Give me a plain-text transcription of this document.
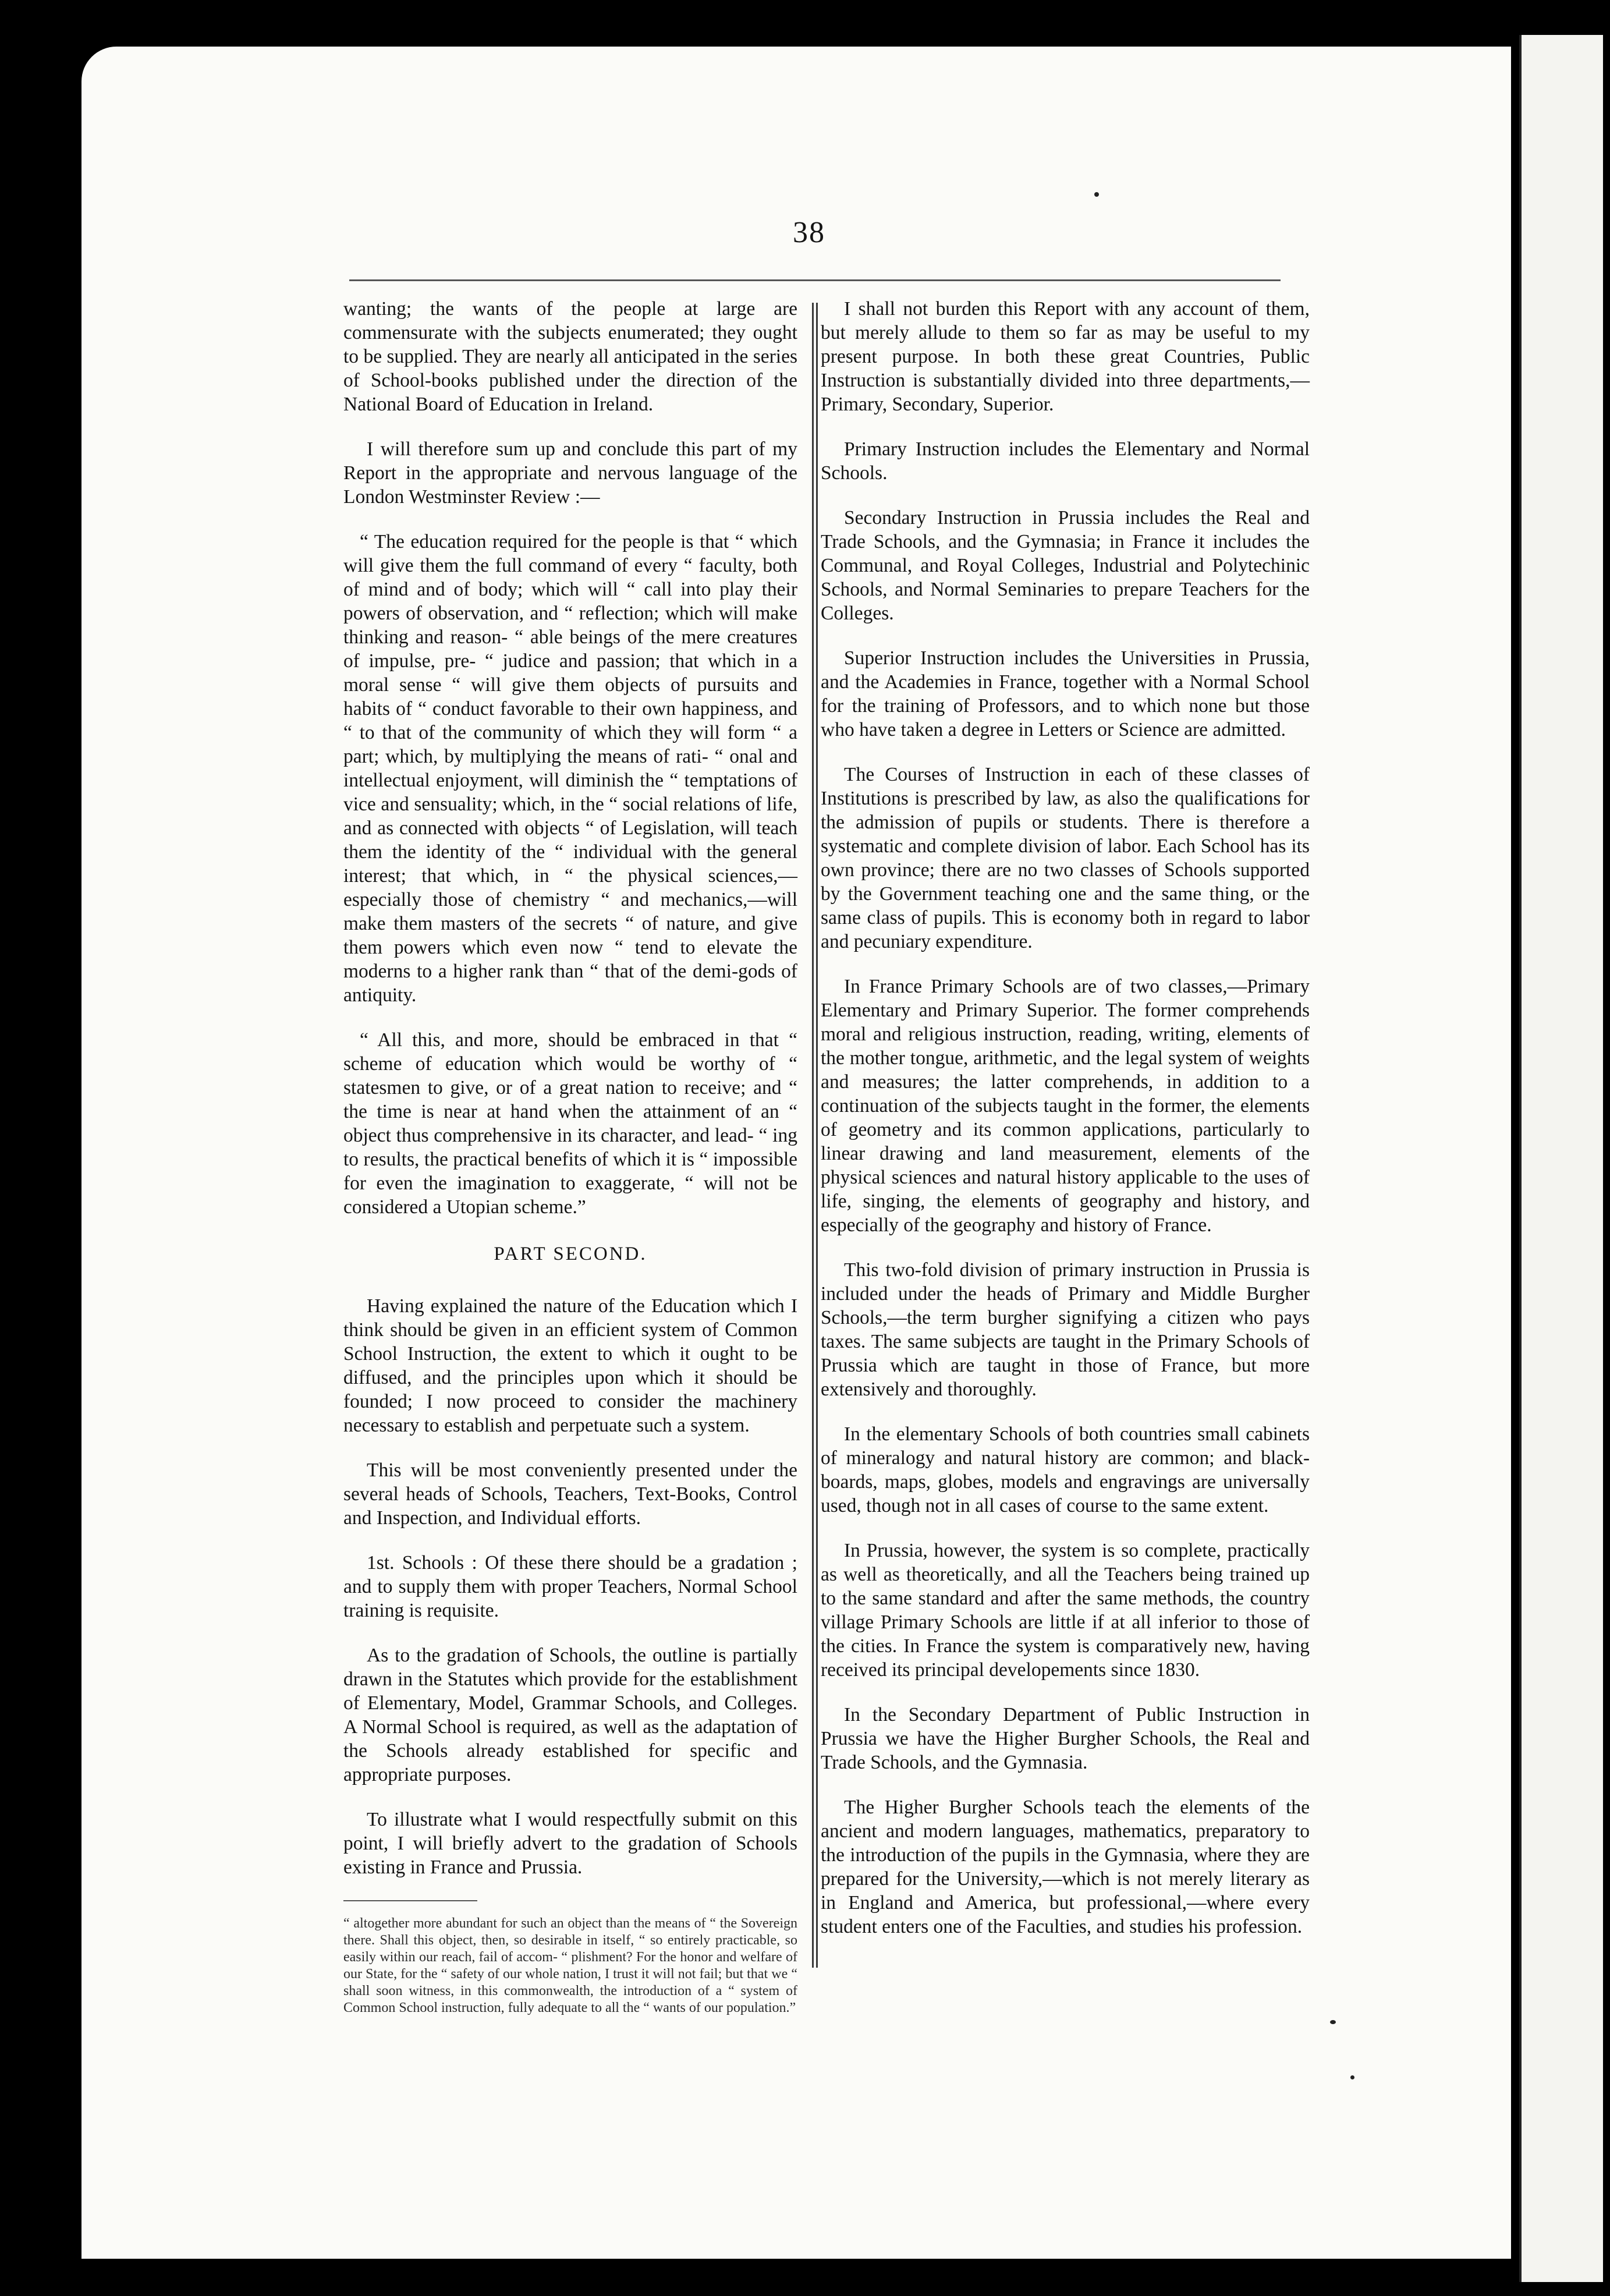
38

wanting; the wants of the people at large are commensurate with the subjects enumerated; they ought to be supplied. They are nearly all anticipated in the series of School-books published under the direction of the National Board of Education in Ireland.

I will therefore sum up and conclude this part of my Report in the appropriate and nervous language of the London Westminster Review :—

“ The education required for the people is that “ which will give them the full command of every “ faculty, both of mind and of body; which will “ call into play their powers of observation, and “ reflection; which will make thinking and reason- “ able beings of the mere creatures of impulse, pre- “ judice and passion; that which in a moral sense “ will give them objects of pursuits and habits of “ conduct favorable to their own happiness, and “ to that of the community of which they will form “ a part; which, by multiplying the means of rati- “ onal and intellectual enjoyment, will diminish the “ temptations of vice and sensuality; which, in the “ social relations of life, and as connected with objects “ of Legislation, will teach them the identity of the “ individual with the general interest; that which, in “ the physical sciences,—especially those of chemistry “ and mechanics,—will make them masters of the secrets “ of nature, and give them powers which even now “ tend to elevate the moderns to a higher rank than “ that of the demi-gods of antiquity.

“ All this, and more, should be embraced in that “ scheme of education which would be worthy of “ statesmen to give, or of a great nation to receive; and “ the time is near at hand when the attainment of an “ object thus comprehensive in its character, and lead- “ ing to results, the practical benefits of which it is “ impossible for even the imagination to exaggerate, “ will not be considered a Utopian scheme.”

PART SECOND.

Having explained the nature of the Education which I think should be given in an efficient system of Common School Instruction, the extent to which it ought to be diffused, and the principles upon which it should be founded; I now proceed to consider the machinery necessary to establish and perpetuate such a system.

This will be most conveniently presented under the several heads of Schools, Teachers, Text-Books, Control and Inspection, and Individual efforts.

1st. Schools : Of these there should be a gradation ; and to supply them with proper Teachers, Normal School training is requisite.

As to the gradation of Schools, the outline is partially drawn in the Statutes which provide for the establishment of Elementary, Model, Grammar Schools, and Colleges. A Normal School is required, as well as the adaptation of the Schools already established for specific and appropriate purposes.

To illustrate what I would respectfully submit on this point, I will briefly advert to the gradation of Schools existing in France and Prussia.

“ altogether more abundant for such an object than the means of “ the Sovereign there. Shall this object, then, so desirable in itself, “ so entirely practicable, so easily within our reach, fail of accom- “ plishment? For the honor and welfare of our State, for the “ safety of our whole nation, I trust it will not fail; but that we “ shall soon witness, in this commonwealth, the introduction of a “ system of Common School instruction, fully adequate to all the “ wants of our population.”

I shall not burden this Report with any account of them, but merely allude to them so far as may be useful to my present purpose. In both these great Countries, Public Instruction is substantially divided into three departments,—Primary, Secondary, Superior.

Primary Instruction includes the Elementary and Normal Schools.

Secondary Instruction in Prussia includes the Real and Trade Schools, and the Gymnasia; in France it includes the Communal, and Royal Colleges, Industrial and Polytechinic Schools, and Normal Seminaries to prepare Teachers for the Colleges.

Superior Instruction includes the Universities in Prussia, and the Academies in France, together with a Normal School for the training of Professors, and to which none but those who have taken a degree in Letters or Science are admitted.

The Courses of Instruction in each of these classes of Institutions is prescribed by law, as also the qualifications for the admission of pupils or students. There is therefore a systematic and complete division of labor. Each School has its own province; there are no two classes of Schools supported by the Government teaching one and the same thing, or the same class of pupils. This is economy both in regard to labor and pecuniary expenditure.

In France Primary Schools are of two classes,—Primary Elementary and Primary Superior. The former comprehends moral and religious instruction, reading, writing, elements of the mother tongue, arithmetic, and the legal system of weights and measures; the latter comprehends, in addition to a continuation of the subjects taught in the former, the elements of geometry and its common applications, particularly to linear drawing and land measurement, elements of the physical sciences and natural history applicable to the uses of life, singing, the elements of geography and history, and especially of the geography and history of France.

This two-fold division of primary instruction in Prussia is included under the heads of Primary and Middle Burgher Schools,—the term burgher signifying a citizen who pays taxes. The same subjects are taught in the Primary Schools of Prussia which are taught in those of France, but more extensively and thoroughly.

In the elementary Schools of both countries small cabinets of mineralogy and natural history are common; and black-boards, maps, globes, models and engravings are universally used, though not in all cases of course to the same extent.

In Prussia, however, the system is so complete, practically as well as theoretically, and all the Teachers being trained up to the same standard and after the same methods, the country village Primary Schools are little if at all inferior to those of the cities. In France the system is comparatively new, having received its principal developements since 1830.

In the Secondary Department of Public Instruction in Prussia we have the Higher Burgher Schools, the Real and Trade Schools, and the Gymnasia.

The Higher Burgher Schools teach the elements of the ancient and modern languages, mathematics, preparatory to the introduction of the pupils in the Gymnasia, where they are prepared for the University,—which is not merely literary as in England and America, but professional,—where every student enters one of the Faculties, and studies his profession.
